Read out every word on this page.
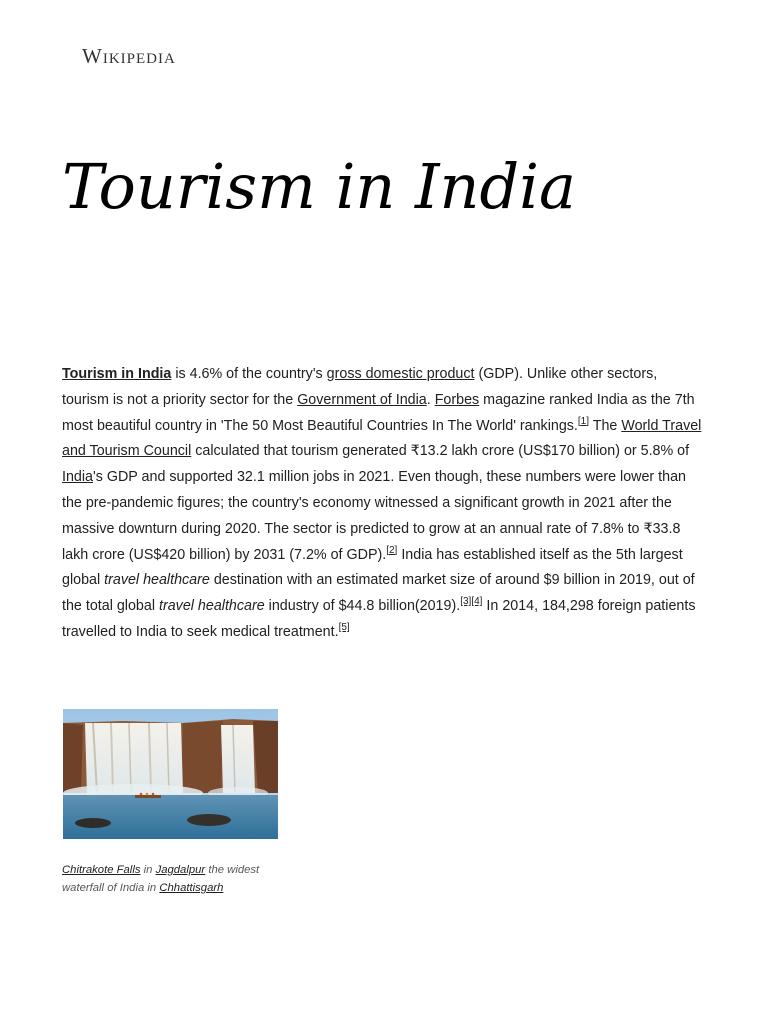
Wikipedia
Tourism in India

Tourism in India is 4.6% of the country's gross domestic product (GDP). Unlike other sectors, tourism is not a priority sector for the Government of India. Forbes magazine ranked India as the 7th most beautiful country in 'The 50 Most Beautiful Countries In The World' rankings.[1] The World Travel and Tourism Council calculated that tourism generated ₹13.2 lakh crore (US$170 billion) or 5.8% of India's GDP and supported 32.1 million jobs in 2021. Even though, these numbers were lower than the pre-pandemic figures; the country's economy witnessed a significant growth in 2021 after the massive downturn during 2020. The sector is predicted to grow at an annual rate of 7.8% to ₹33.8 lakh crore (US$420 billion) by 2031 (7.2% of GDP).[2] India has established itself as the 5th largest global travel healthcare destination with an estimated market size of around $9 billion in 2019, out of the total global travel healthcare industry of $44.8 billion(2019).[3][4] In 2014, 184,298 foreign patients travelled to India to seek medical treatment.[5]

Chitrakote Falls in Jagdalpur the widest waterfall of India in Chhattisgarh
